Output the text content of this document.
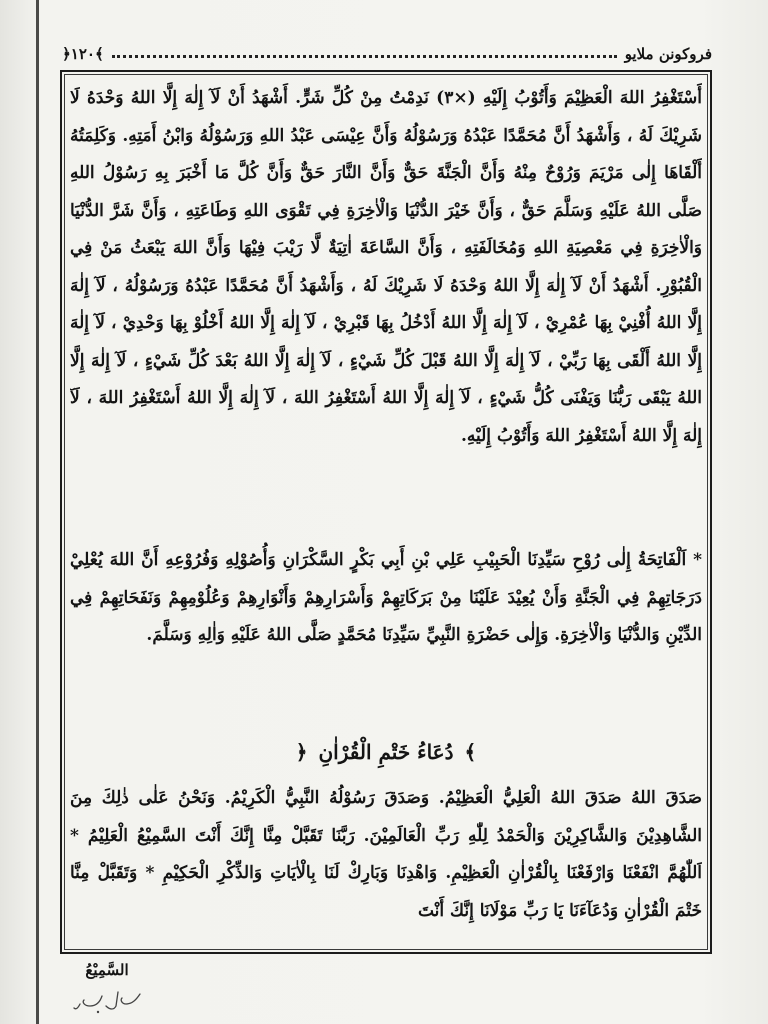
﴿١٢٠﴾	فروكونن ملايو

أَسْتَغْفِرُ اللهَ الْعَظِيْمَ وَأَتُوْبُ إِلَيْهِ (×٣) نَدِمْتُ مِنْ كُلِّ شَرٍّ. أَشْهَدُ أَنْ لَآ إِلٰهَ إِلَّا اللهُ وَحْدَهُ لَا شَرِيْكَ لَهُ ، وَأَشْهَدُ أَنَّ مُحَمَّدًا عَبْدُهُ وَرَسُوْلُهُ وَأَنَّ عِيْسَى عَبْدُ اللهِ وَرَسُوْلُهُ وَابْنُ أَمَتِهِ. وَكَلِمَتُهُ أَلْقَاهَا إِلٰى مَرْيَمَ وَرُوْحٌ مِنْهُ وَأَنَّ الْجَنَّةَ حَقٌّ وَأَنَّ النَّارَ حَقٌّ وَأَنَّ كُلَّ مَا أَخْبَرَ بِهِ رَسُوْلُ اللهِ صَلَّى اللهُ عَلَيْهِ وَسَلَّمَ حَقٌّ ، وَأَنَّ خَيْرَ الدُّنْيَا وَالْاٰخِرَةِ فِي تَقْوَى اللهِ وَطَاعَتِهِ ، وَأَنَّ شَرَّ الدُّنْيَا وَالْاٰخِرَةِ فِي مَعْصِيَةِ اللهِ وَمُخَالَفَتِهِ ، وَأَنَّ السَّاعَةَ اٰتِيَةٌ لَّا رَيْبَ فِيْهَا وَأَنَّ اللهَ يَبْعَثُ مَنْ فِي الْقُبُوْرِ. أَشْهَدُ أَنْ لَآ إِلٰهَ إِلَّا اللهُ وَحْدَهُ لَا شَرِيْكَ لَهُ ، وَأَشْهَدُ أَنَّ مُحَمَّدًا عَبْدُهُ وَرَسُوْلُهُ ، لَآ إِلٰهَ إِلَّا اللهُ أُفْنِيْ بِهَا عُمْرِيْ ، لَآ إِلٰهَ إِلَّا اللهُ أَدْخُلُ بِهَا قَبْرِيْ ، لَآ إِلٰهَ إِلَّا اللهُ أَخْلُوْ بِهَا وَحْدِيْ ، لَآ إِلٰهَ إِلَّا اللهُ أَلْقَى بِهَا رَبِّيْ ، لَآ إِلٰهَ إِلَّا اللهُ قَبْلَ كُلِّ شَيْءٍ ، لَآ إِلٰهَ إِلَّا اللهُ بَعْدَ كُلِّ شَيْءٍ ، لَآ إِلٰهَ إِلَّا اللهُ يَبْقَى رَبُّنَا وَيَفْنَى كُلُّ شَيْءٍ ، لَآ إِلٰهَ إِلَّا اللهُ أَسْتَغْفِرُ اللهَ ، لَآ إِلٰهَ إِلَّا اللهُ أَسْتَغْفِرُ اللهَ ، لَآ إِلٰهَ إِلَّا اللهُ أَسْتَغْفِرُ اللهَ وَأَتُوْبُ إِلَيْهِ.

* اَلْفَاتِحَةُ إِلٰى رُوْحِ سَيِّدِنَا الْحَبِيْبِ عَلِي بْنِ أَبِي بَكْرٍ السَّكْرَانِ وَأُصُوْلِهِ وَفُرُوْعِهِ أَنَّ اللهَ يُعْلِيْ دَرَجَاتِهِمْ فِي الْجَنَّةِ وَأَنْ يُعِيْدَ عَلَيْنَا مِنْ بَرَكَاتِهِمْ وَأَسْرَارِهِمْ وَأَنْوَارِهِمْ وَعُلُوْمِهِمْ وَنَفَحَاتِهِمْ فِي الدِّيْنِ وَالدُّنْيَا وَالْاٰخِرَةِ. وَإِلٰى حَضْرَةِ النَّبِيِّ سَيِّدِنَا مُحَمَّدٍ صَلَّى اللهُ عَلَيْهِ وَاٰلِهِ وَسَلَّمَ.

﴾ دُعَاءُ خَتْمِ الْقُرْاٰنِ ﴿

صَدَقَ اللهُ صَدَقَ اللهُ الْعَلِيُّ الْعَظِيْمُ. وَصَدَقَ رَسُوْلُهُ النَّبِيُّ الْكَرِيْمُ. وَنَحْنُ عَلٰى ذٰلِكَ مِنَ الشَّاهِدِيْنَ وَالشَّاكِرِيْنَ وَالْحَمْدُ لِلّٰهِ رَبِّ الْعَالَمِيْنَ. رَبَّنَا تَقَبَّلْ مِنَّا إِنَّكَ أَنْتَ السَّمِيْعُ الْعَلِيْمُ * اَللّٰهُمَّ انْفَعْنَا وَارْفَعْنَا بِالْقُرْاٰنِ الْعَظِيْمِ. وَاهْدِنَا وَبَارِكْ لَنَا بِالْاٰيَاتِ وَالذِّكْرِ الْحَكِيْمِ * وَتَقَبَّلْ مِنَّا خَتْمَ الْقُرْاٰنِ وَدُعَآءَنَا يَا رَبِّ مَوْلَانَا إِنَّكَ أَنْتَ

السَّمِيْعُ
